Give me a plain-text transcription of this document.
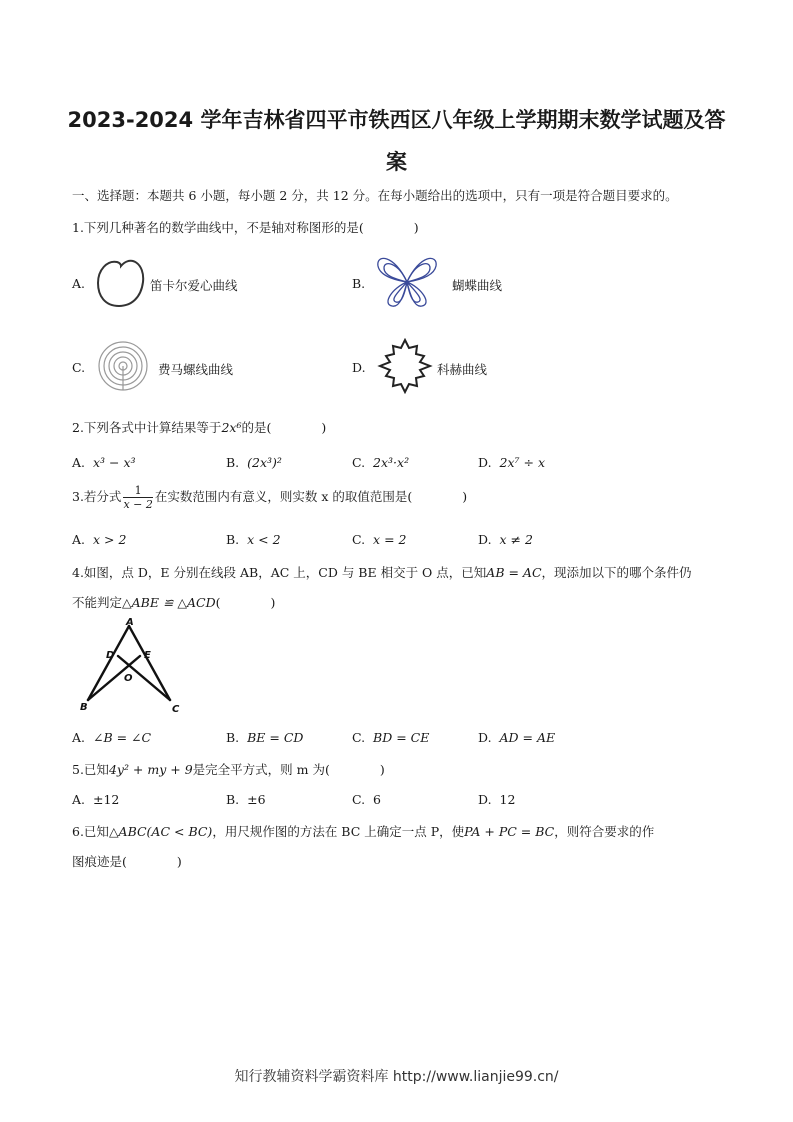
2023-2024 学年吉林省四平市铁西区八年级上学期期末数学试题及答
案
一、选择题：本题共 6 小题，每小题 2 分，共 12 分。在每小题给出的选项中，只有一项是符合题目要求的。
1.下列几种著名的数学曲线中，不是轴对称图形的是(　　　　)
A.	笛卡尔爱心曲线	B.	蝴蝶曲线
C.	费马螺线曲线	D.	科赫曲线
2.下列各式中计算结果等于2x⁶的是(　　　　)
A. x³ − x³	B. (2x³)²	C. 2x³·x²	D. 2x⁷ ÷ x
3.若分式 $\frac{1}{x - 2}$ 在实数范围内有意义，则实数 x 的取值范围是(　　　　)
A. x > 2	B. x < 2	C. x = 2	D. x ≠ 2
4.如图，点 D，E 分别在线段 AB，AC 上，CD 与 BE 相交于 O 点，已知AB = AC，现添加以下的哪个条件仍
不能判定△ABE ≌ △ACD(　　　　)
A
D	E
O
B	C
A. ∠B = ∠C	B. BE = CD	C. BD = CE	D. AD = AE
5.已知4y² + my + 9是完全平方式，则 m 为(　　　　)
A. ±12	B. ±6	C. 6	D. 12
6.已知△ABC(AC < BC)，用尺规作图的方法在 BC 上确定一点 P，使PA + PC = BC，则符合要求的作
图痕迹是(　　　　)
知行教辅资料学霸资料库 http://www.lianjie99.cn/
